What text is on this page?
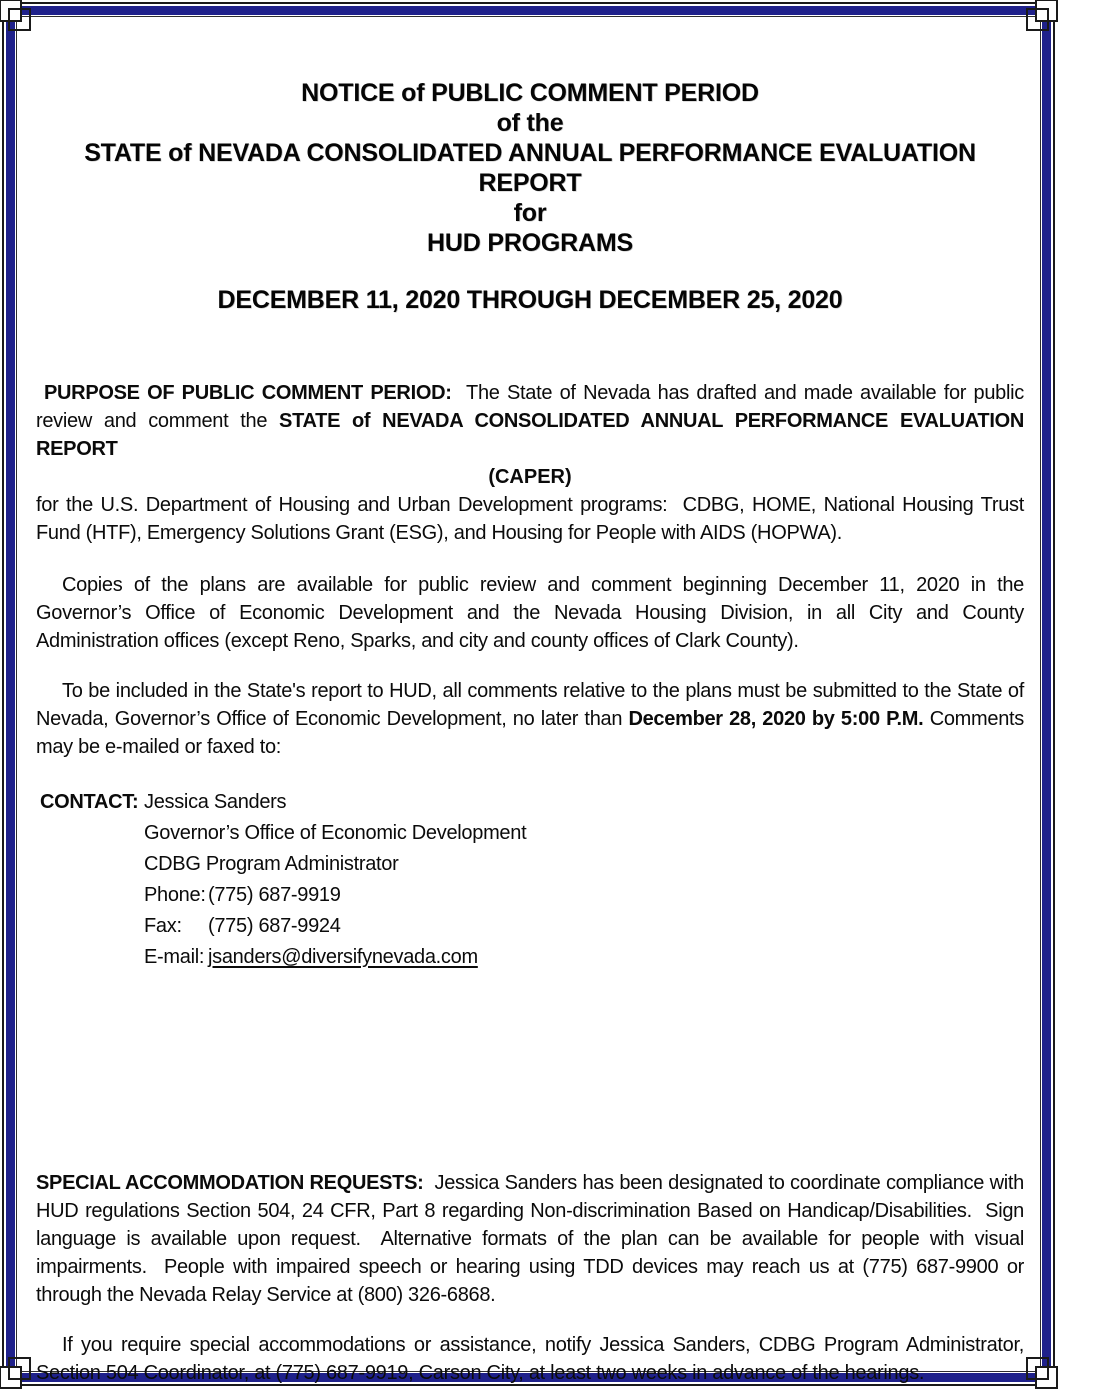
NOTICE of PUBLIC COMMENT PERIOD
of the
STATE of NEVADA CONSOLIDATED ANNUAL PERFORMANCE EVALUATION
REPORT
for
HUD PROGRAMS
DECEMBER 11, 2020 THROUGH DECEMBER 25, 2020

PURPOSE OF PUBLIC COMMENT PERIOD:  The State of Nevada has drafted and made available for public review and comment the STATE of NEVADA CONSOLIDATED ANNUAL PERFORMANCE EVALUATION REPORT

(CAPER)

for the U.S. Department of Housing and Urban Development programs:  CDBG, HOME, National Housing Trust Fund (HTF), Emergency Solutions Grant (ESG), and Housing for People with AIDS (HOPWA).

Copies of the plans are available for public review and comment beginning December 11, 2020 in the Governor’s Office of Economic Development and the Nevada Housing Division, in all City and County Administration offices (except Reno, Sparks, and city and county offices of Clark County).

To be included in the State's report to HUD, all comments relative to the plans must be submitted to the State of Nevada, Governor’s Office of Economic Development, no later than December 28, 2020 by 5:00 P.M. Comments may be e-mailed or faxed to:

CONTACT: Jessica Sanders
Governor’s Office of Economic Development
CDBG Program Administrator
Phone: (775) 687-9919
Fax: (775) 687-9924
E-mail: jsanders@diversifynevada.com

SPECIAL ACCOMMODATION REQUESTS:  Jessica Sanders has been designated to coordinate compliance with HUD regulations Section 504, 24 CFR, Part 8 regarding Non-discrimination Based on Handicap/Disabilities.  Sign language is available upon request.  Alternative formats of the plan can be available for people with visual impairments.  People with impaired speech or hearing using TDD devices may reach us at (775) 687-9900 or through the Nevada Relay Service at (800) 326-6868.

If you require special accommodations or assistance, notify Jessica Sanders, CDBG Program Administrator, Section 504 Coordinator, at (775) 687-9919, Carson City, at least two weeks in advance of the hearings.
